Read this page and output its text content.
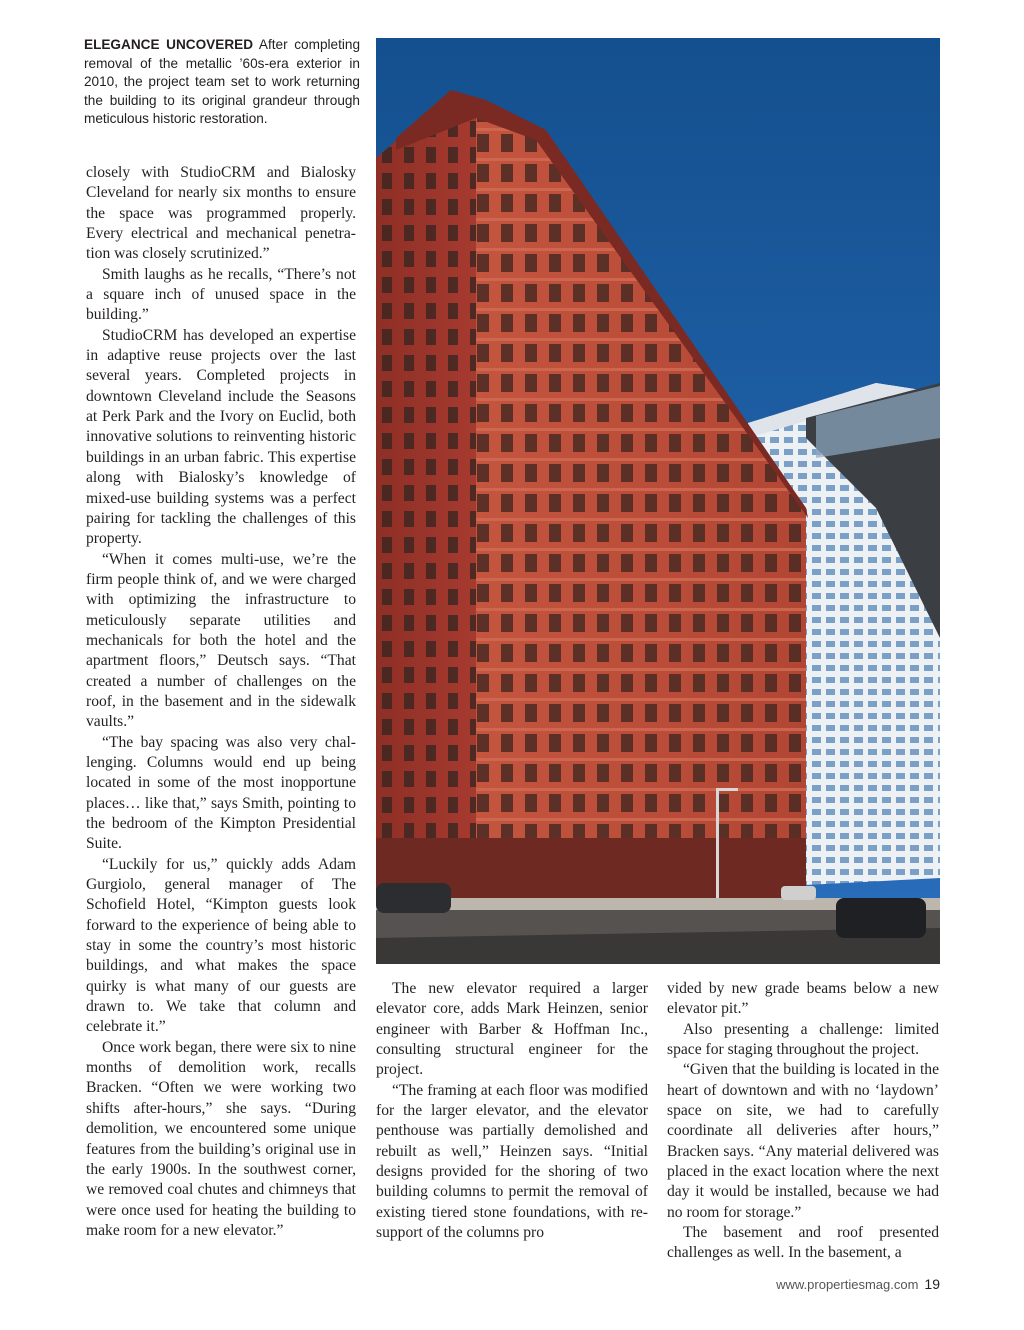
ELEGANCE UNCOVERED After completing removal of the metallic ’60s-era exterior in 2010, the project team set to work returning the building to its original grandeur through meticulous historic restoration.

closely with StudioCRM and Bialosky Cleveland for nearly six months to ensure the space was programmed properly. Every electrical and mechanical penetration was closely scrutinized.”

Smith laughs as he recalls, “There’s not a square inch of unused space in the building.”

StudioCRM has developed an expertise in adaptive reuse projects over the last several years. Completed projects in downtown Cleveland include the Seasons at Perk Park and the Ivory on Euclid, both innovative solutions to reinventing historic buildings in an urban fabric. This expertise along with Bialosky’s knowledge of mixed-use building systems was a perfect pairing for tackling the challenges of this property.

“When it comes multi-use, we’re the firm people think of, and we were charged with optimizing the infrastructure to meticulously separate utilities and mechanicals for both the hotel and the apartment floors,” Deutsch says. “That created a number of challenges on the roof, in the basement and in the sidewalk vaults.”

“The bay spacing was also very challenging. Columns would end up being located in some of the most inopportune places… like that,” says Smith, pointing to the bedroom of the Kimpton Presidential Suite.

“Luckily for us,” quickly adds Adam Gurgiolo, general manager of The Schofield Hotel, “Kimpton guests look forward to the experience of being able to stay in some the country’s most historic buildings, and what makes the space quirky is what many of our guests are drawn to. We take that column and celebrate it.”

Once work began, there were six to nine months of demolition work, recalls Bracken. “Often we were working two shifts after-hours,” she says. “During demolition, we encountered some unique features from the building’s original use in the early 1900s. In the southwest corner, we removed coal chutes and chimneys that were once used for heating the building to make room for a new elevator.”

The new elevator required a larger elevator core, adds Mark Heinzen, senior engineer with Barber & Hoffman Inc., consulting structural engineer for the project.

“The framing at each floor was modified for the larger elevator, and the elevator penthouse was partially demolished and rebuilt as well,” Heinzen says. “Initial designs provided for the shoring of two building columns to permit the removal of existing tiered stone foundations, with re-support of the columns pro

vided by new grade beams below a new elevator pit.”

Also presenting a challenge: limited space for staging throughout the project.

“Given that the building is located in the heart of downtown and with no ‘laydown’ space on site, we had to carefully coordinate all deliveries after hours,” Bracken says. “Any material delivered was placed in the exact location where the next day it would be installed, because we had no room for storage.”

The basement and roof presented challenges as well. In the basement, a

www.propertiesmag.com 19
